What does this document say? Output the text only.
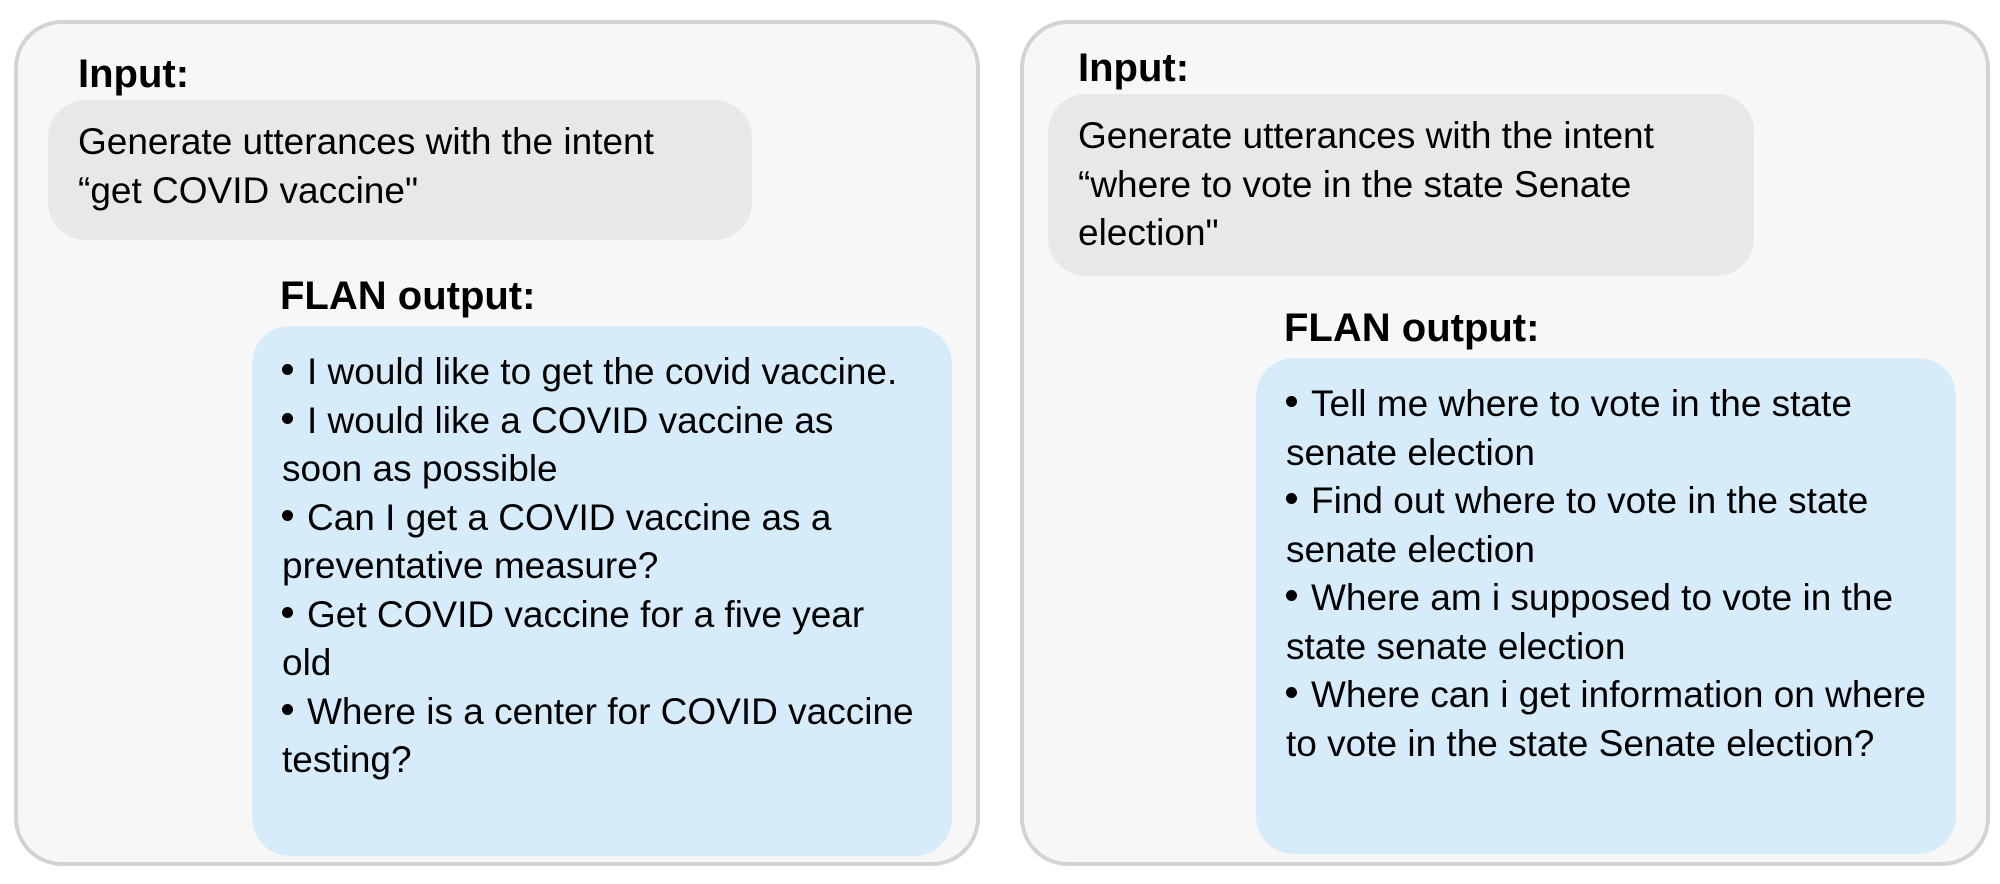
Input:

Generate utterances with the intent
“get COVID vaccine"

FLAN output:
I would like to get the covid vaccine.
I would like a COVID vaccine as soon as possible
Can I get a COVID vaccine as a preventative measure?
Get COVID vaccine for a five year old
Where is a center for COVID vaccine testing?
Input:

Generate utterances with the intent
“where to vote in the state Senate
election"

FLAN output:
Tell me where to vote in the state senate election
Find out where to vote in the state senate election
Where am i supposed to vote in the state senate election
Where can i get information on where to vote in the state Senate election?
